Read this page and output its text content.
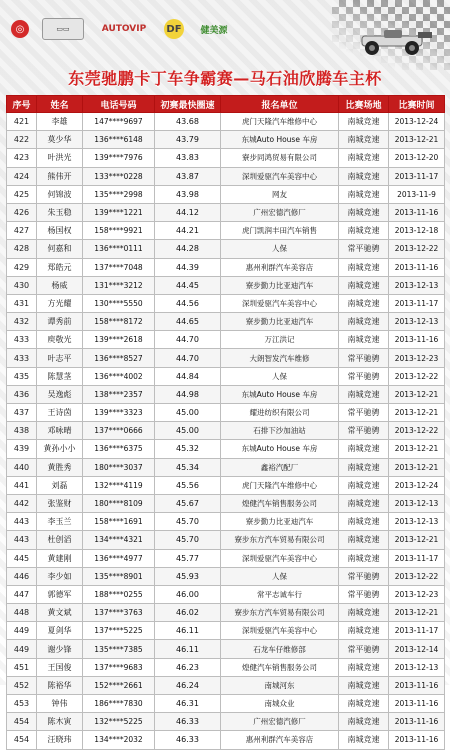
◎	▭▭	AUTOVIP	DF	健美源
东莞驰鹏卡丁车争霸赛—马石油欣腾车主杯
序号	姓名	电话号码	初赛最快圈速	报名单位	比赛场地	比赛时间
421	李雄	147****9697	43.68	虎门天隆汽车维修中心	南城竞速	2013-12-24
422	莫少华	136****6148	43.79	东城Auto House 车房	南城竞速	2013-12-21
423	叶洪光	139****7976	43.83	寮步同鸿贸易有限公司	南城竞速	2013-12-20
424	熊伟开	133****0228	43.87	深圳爱驱汽车美容中心	南城竞速	2013-11-17
425	何锦波	135****2998	43.98	网友	南城竞速	2013-11-9
426	朱玉稳	139****1221	44.12	广州宏德汽修厂	南城竞速	2013-11-16
427	杨国权	158****9921	44.21	虎门凯润丰田汽车销售	南城竞速	2013-12-18
428	何嘉和	136****0111	44.28	人保	常平驰骋	2013-12-22
429	郑皓元	137****7048	44.39	惠州利群汽车美容店	南城竞速	2013-11-16
430	杨威	131****3212	44.45	寮步勤力比亚迪汽车	南城竞速	2013-12-13
431	方光耀	130****5550	44.56	深圳爱驱汽车美容中心	南城竞速	2013-11-17
432	谭秀前	158****8172	44.65	寮步勤力比亚迪汽车	南城竞速	2013-12-13
433	庾敬光	139****2618	44.70	万江洪记	南城竞速	2013-11-16
433	叶志平	136****8527	44.70	大朗智发汽车维修	常平驰骋	2013-12-23
435	陈慧茎	136****4002	44.84	人保	常平驰骋	2013-12-22
436	吴逸彪	138****2357	44.98	东城Auto House 车房	南城竞速	2013-12-21
437	王诗茵	139****3323	45.00	耀进纺织有限公司	常平驰骋	2013-12-21
438	邓咏晴	137****0666	45.00	石排下沙加油站	常平驰骋	2013-12-22
439	黄孙小小	136****6375	45.32	东城Auto House 车房	南城竞速	2013-12-21
440	黄胜秀	180****3037	45.34	鑫裕汽配厂	南城竞速	2013-12-21
441	刘磊	132****4119	45.56	虎门天隆汽车维修中心	南城竞速	2013-12-24
442	张鉴财	180****8109	45.67	煌健汽车销售服务公司	南城竞速	2013-12-13
443	李玉兰	158****1691	45.70	寮步勤力比亚迪汽车	南城竞速	2013-12-13
443	杜创滔	134****4321	45.70	寮步东方汽车贸易有限公司	南城竞速	2013-12-21
445	黄建刚	136****4977	45.77	深圳爱驱汽车美容中心	南城竞速	2013-11-17
446	李少如	135****8901	45.93	人保	常平驰骋	2013-12-22
447	郭德军	188****0255	46.00	常平志诚车行	常平驰骋	2013-12-23
448	黄文斌	137****3763	46.02	寮步东方汽车贸易有限公司	南城竞速	2013-12-21
449	夏剑华	137****5225	46.11	深圳爱驱汽车美容中心	南城竞速	2013-11-17
449	谢少锋	135****7385	46.11	石龙车仔维修部	常平驰骋	2013-12-14
451	王国俊	137****9683	46.23	煌健汽车销售服务公司	南城竞速	2013-12-13
452	陈裕华	152****2661	46.24	南城河东	南城竞速	2013-11-16
453	钟伟	186****7830	46.31	南城众业	南城竞速	2013-11-16
454	陈木寅	132****5225	46.33	广州宏德汽修厂	南城竞速	2013-11-16
454	汪晓玮	134****2032	46.33	惠州利群汽车美容店	南城竞速	2013-11-16
